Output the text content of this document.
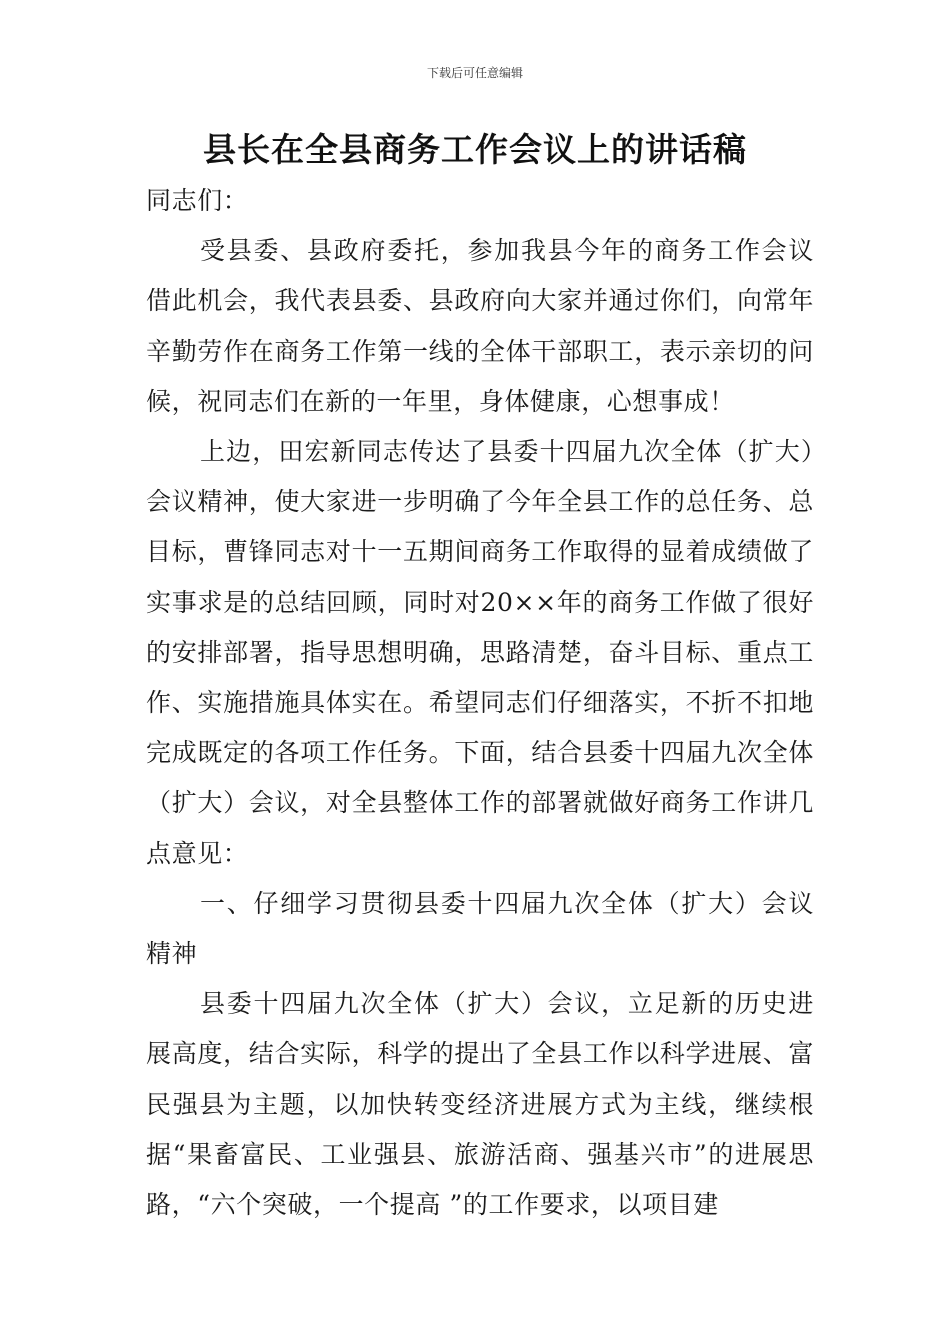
下载后可任意编辑
县长在全县商务工作会议上的讲话稿

同志们：

受县委、县政府委托，参加我县今年的商务工作会议借此机会，我代表县委、县政府向大家并通过你们，向常年辛勤劳作在商务工作第一线的全体干部职工，表示亲切的问候，祝同志们在新的一年里，身体健康，心想事成！

上边，田宏新同志传达了县委十四届九次全体（扩大）会议精神，使大家进一步明确了今年全县工作的总任务、总目标，曹锋同志对十一五期间商务工作取得的显着成绩做了实事求是的总结回顾，同时对20××年的商务工作做了很好的安排部署，指导思想明确，思路清楚，奋斗目标、重点工作、实施措施具体实在。希望同志们仔细落实，不折不扣地完成既定的各项工作任务。下面，结合县委十四届九次全体（扩大）会议，对全县整体工作的部署就做好商务工作讲几点意见：

一、仔细学习贯彻县委十四届九次全体（扩大）会议精神

县委十四届九次全体（扩大）会议，立足新的历史进展高度，结合实际，科学的提出了全县工作以科学进展、富民强县为主题，以加快转变经济进展方式为主线，继续根据“果畜富民、工业强县、旅游活商、强基兴市”的进展思路，“六个突破，一个提高 ”的工作要求，以项目建
